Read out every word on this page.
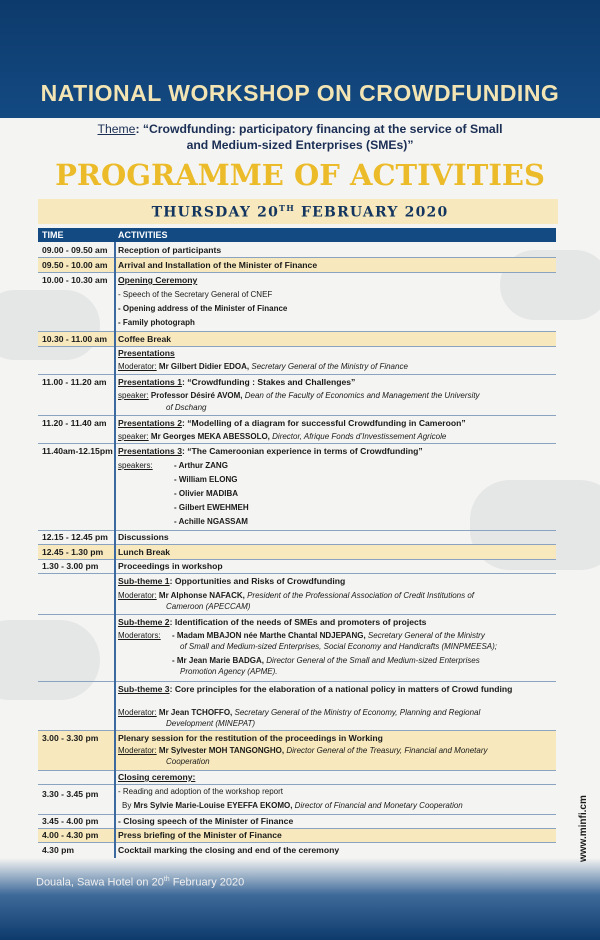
NATIONAL WORKSHOP ON CROWDFUNDING
Theme: “Crowdfunding: participatory financing at the service of Small
and Medium-sized Enterprises (SMEs)”
PROGRAMME OF ACTIVITIES
THURSDAY 20TH FEBRUARY 2020
TIME	ACTIVITIES
09.00 - 09.50 am Reception of participants
09.50 - 10.00 am Arrival and Installation of the Minister of Finance
10.00 - 10.30 am Opening Ceremony
- Speech of the Secretary General of CNEF
- Opening address of the Minister of Finance
- Family photograph
10.30 - 11.00 am Coffee Break
Presentations
Moderator: Mr Gilbert Didier EDOA, Secretary General of the Ministry of Finance
11.00 - 11.20 am Presentations 1: “Crowdfunding : Stakes and Challenges”
speaker: Professor Désiré AVOM, Dean of the Faculty of Economics and Management the University
of Dschang
11.20 - 11.40 am Presentations 2: “Modelling of a diagram for successful Crowdfunding in Cameroon”
speaker: Mr Georges MEKA ABESSOLO, Director, Afrique Fonds d’Investissement Agricole
11.40am-12.15pm Presentations 3: “The Cameroonian experience in terms of Crowdfunding”
speakers:	- Arthur ZANG
- William ELONG
- Olivier MADIBA
- Gilbert EWEHMEH
- Achille NGASSAM
12.15 - 12.45 pm Discussions
12.45 - 1.30 pm Lunch Break
1.30 - 3.00 pm Proceedings in workshop
Sub-theme 1: Opportunities and Risks of Crowdfunding
Moderator: Mr Alphonse NAFACK, President of the Professional Association of Credit Institutions of
Cameroon (APECCAM)
Sub-theme 2: Identification of the needs of SMEs and promoters of projects
Moderators: - Madam MBAJON née Marthe Chantal NDJEPANG, Secretary General of the Ministry
of Small and Medium-sized Enterprises, Social Economy and Handicrafts (MINPMEESA);
- Mr Jean Marie BADGA, Director General of the Small and Medium-sized Enterprises
Promotion Agency (APME).
Sub-theme 3: Core principles for the elaboration of a national policy in matters of Crowd funding
Moderator: Mr Jean TCHOFFO, Secretary General of the Ministry of Economy, Planning and Regional
Development (MINEPAT)
3.00 - 3.30 pm Plenary session for the restitution of the proceedings in Working
Moderator: Mr Sylvester MOH TANGONGHO, Director General of the Treasury, Financial and Monetary
Cooperation
Closing ceremony:
3.30 - 3.45 pm - Reading and adoption of the workshop report
By Mrs Sylvie Marie-Louise EYEFFA EKOMO, Director of Financial and Monetary Cooperation
3.45 - 4.00 pm - Closing speech of the Minister of Finance
4.00 - 4.30 pm Press briefing of the Minister of Finance
4.30 pm	Cocktail marking the closing and end of the ceremony
Douala, Sawa Hotel on 20th February 2020
www.minfi.cm
